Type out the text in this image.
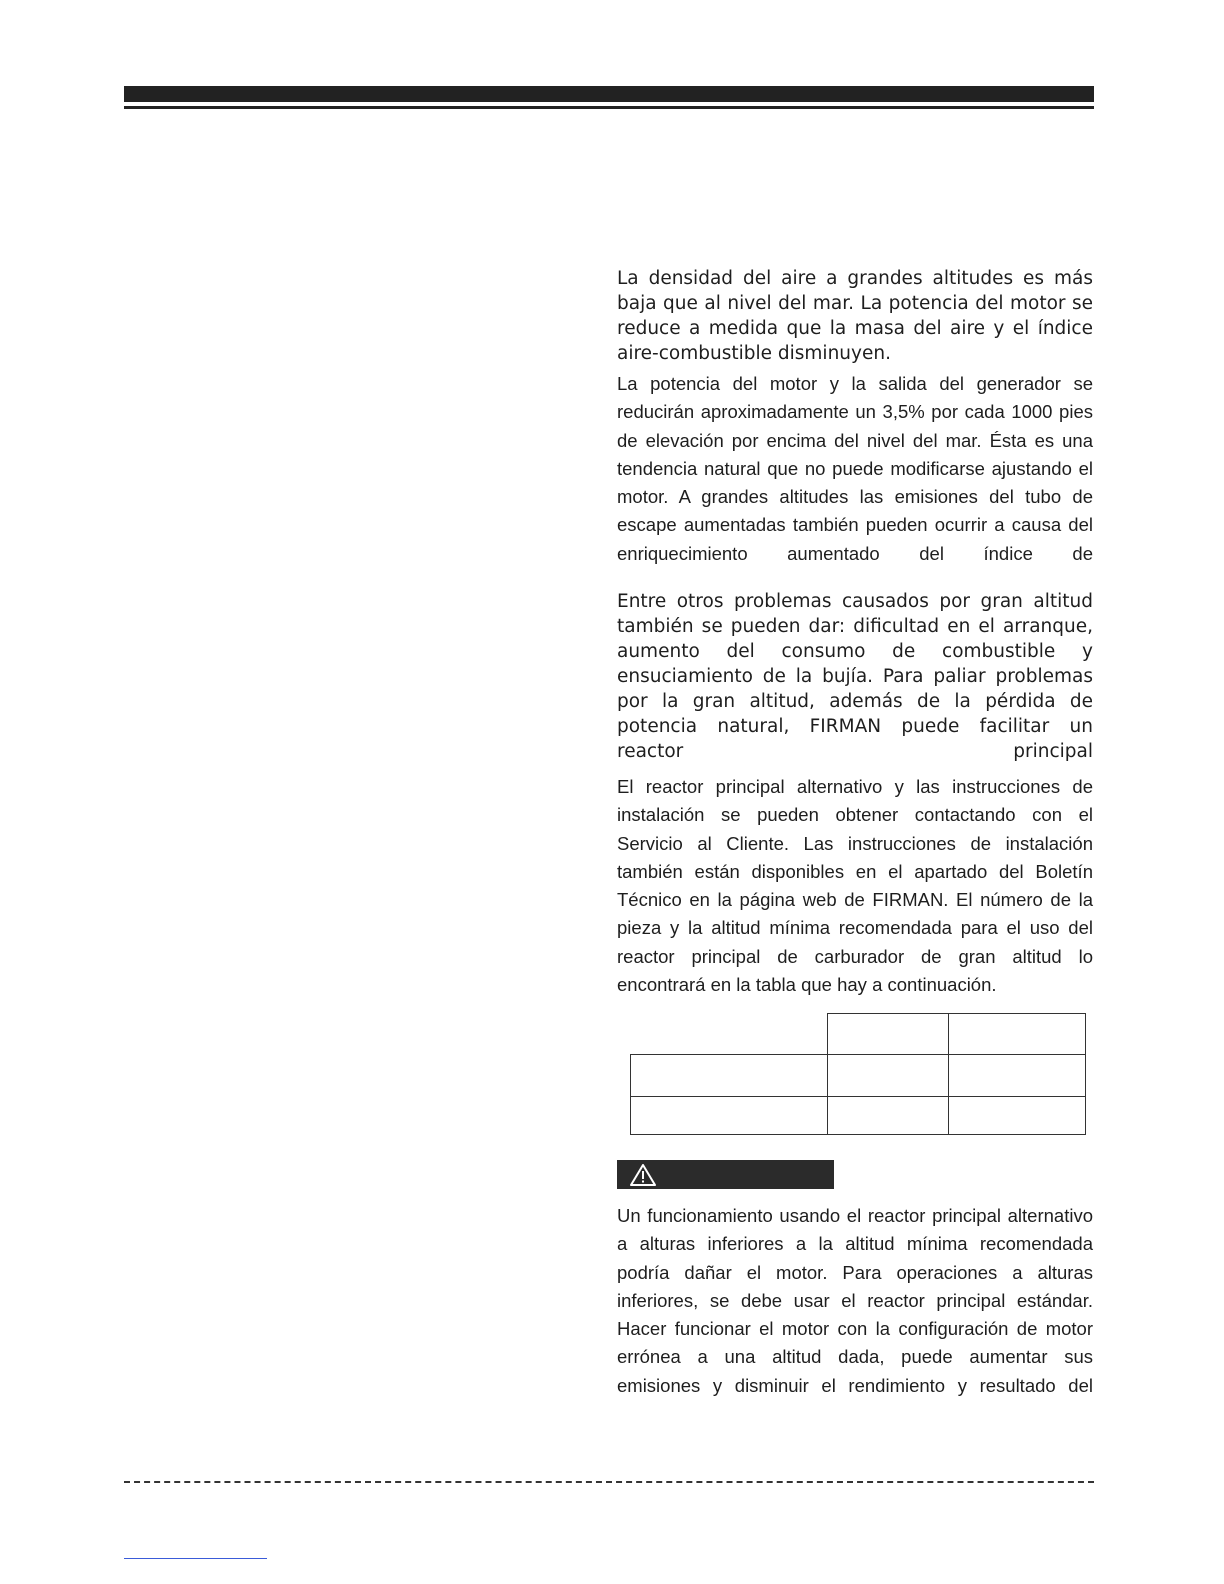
La densidad del aire a grandes altitudes es más baja que al nivel del mar. La potencia del motor se reduce a medida que la masa del aire y el índice aire-combustible disminuyen.

La potencia del motor y la salida del generador se reducirán aproximadamente un 3,5% por cada 1000 pies de elevación por encima del nivel del mar. Ésta es una tendencia natural que no puede modificarse ajustando el motor. A grandes altitudes las emisiones del tubo de escape aumentadas también pueden ocurrir a causa del enriquecimiento aumentado del índice de

Entre otros problemas causados por gran altitud también se pueden dar: dificultad en el arranque, aumento del consumo de combustible y ensuciamiento de la bujía. Para paliar problemas por la gran altitud, además de la pérdida de potencia natural, FIRMAN puede facilitar un reactor principal

El reactor principal alternativo y las instrucciones de instalación se pueden obtener contactando con el Servicio al Cliente. Las instrucciones de instalación también están disponibles en el apartado del Boletín Técnico en la página web de FIRMAN. El número de la pieza y la altitud mínima recomendada para el uso del reactor principal de carburador de gran altitud lo encontrará en la tabla que hay a continuación.

Un funcionamiento usando el reactor principal alternativo a alturas inferiores a la altitud mínima recomendada podría dañar el motor. Para operaciones a alturas inferiores, se debe usar el reactor principal estándar. Hacer funcionar el motor con la configuración de motor errónea a una altitud dada, puede aumentar sus emisiones y disminuir el rendimiento y resultado del
